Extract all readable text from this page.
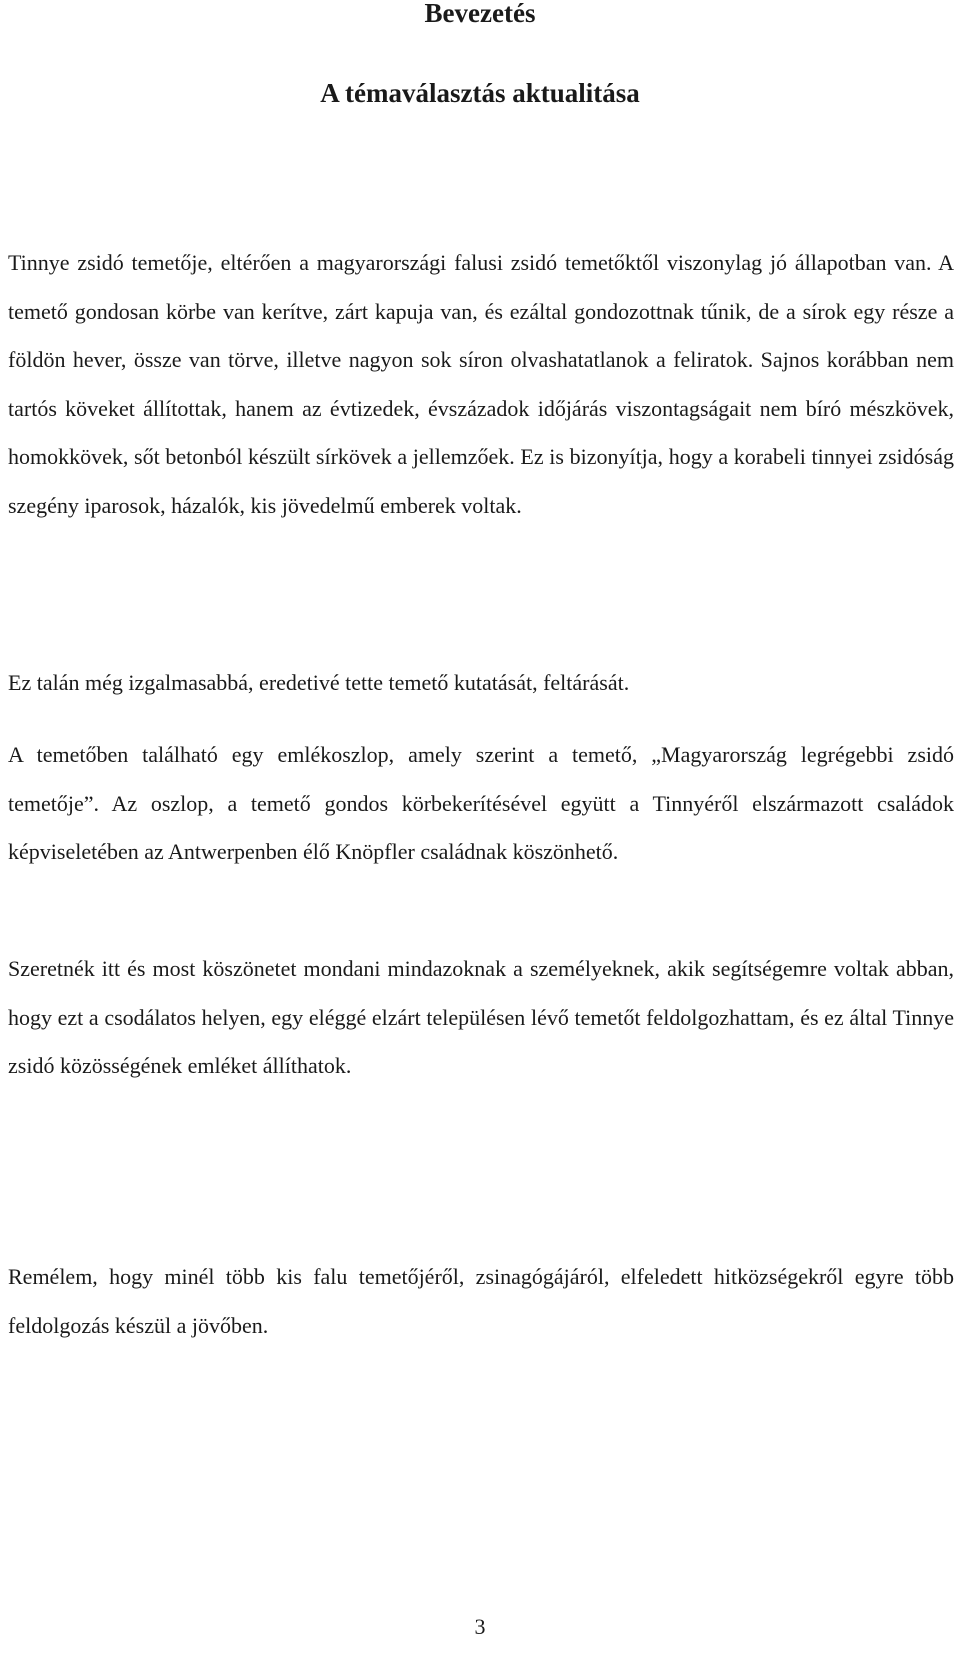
Bevezetés
A témaválasztás aktualitása

Tinnye zsidó temetője, eltérően a magyarországi falusi zsidó temetőktől viszonylag jó állapotban van. A temető gondosan körbe van kerítve, zárt kapuja van, és ezáltal gondozottnak tűnik, de a sírok egy része a földön hever, össze van törve, illetve nagyon sok síron olvashatatlanok a feliratok. Sajnos korábban nem tartós köveket állítottak, hanem az évtizedek, évszázadok időjárás viszontagságait nem bíró mészkövek, homokkövek, sőt betonból készült sírkövek a jellemzőek. Ez is bizonyítja, hogy a korabeli tinnyei zsidóság szegény iparosok, házalók, kis jövedelmű emberek voltak.

Ez talán még izgalmasabbá, eredetivé tette temető kutatását, feltárását.

A temetőben található egy emlékoszlop, amely szerint a temető, „Magyarország legrégebbi zsidó temetője”. Az oszlop, a temető gondos körbekerítésével együtt a Tinnyéről elszármazott családok képviseletében az Antwerpenben élő Knöpfler családnak köszönhető.

Szeretnék itt és most köszönetet mondani mindazoknak a személyeknek, akik segítségemre voltak abban, hogy ezt a csodálatos helyen, egy eléggé elzárt településen lévő temetőt feldolgozhattam, és ez által Tinnye zsidó közösségének emléket állíthatok.

Remélem, hogy minél több kis falu temetőjéről, zsinagógájáról, elfeledett hitközségekről egyre több feldolgozás készül a jövőben.

3
